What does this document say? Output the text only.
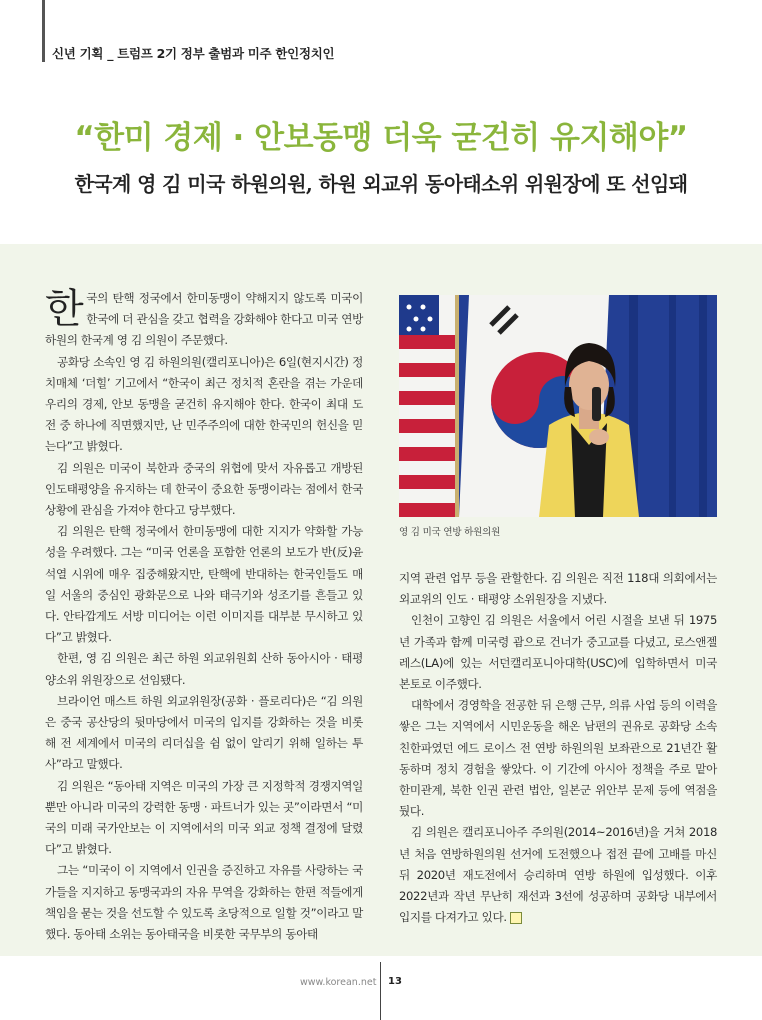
신년 기획 _ 트럼프 2기 정부 출범과 미주 한인정치인
“한미 경제 · 안보동맹 더욱 굳건히 유지해야”
한국계 영 김 미국 하원의원, 하원 외교위 동아태소위 위원장에 또 선임돼

한국의 탄핵 정국에서 한미동맹이 약해지지 않도록 미국이 한국에 더 관심을 갖고 협력을 강화해야 한다고 미국 연방 하원의 한국계 영 김 의원이 주문했다.

공화당 소속인 영 김 하원의원(캘리포니아)은 6일(현지시간) 정치매체 ‘더힐’ 기고에서 “한국이 최근 정치적 혼란을 겪는 가운데 우리의 경제, 안보 동맹을 굳건히 유지해야 한다. 한국이 최대 도전 중 하나에 직면했지만, 난 민주주의에 대한 한국민의 헌신을 믿는다”고 밝혔다.

김 의원은 미국이 북한과 중국의 위협에 맞서 자유롭고 개방된 인도태평양을 유지하는 데 한국이 중요한 동맹이라는 점에서 한국 상황에 관심을 가져야 한다고 당부했다.

김 의원은 탄핵 정국에서 한미동맹에 대한 지지가 약화할 가능성을 우려했다. 그는 “미국 언론을 포함한 언론의 보도가 반(反)윤석열 시위에 매우 집중해왔지만, 탄핵에 반대하는 한국인들도 매일 서울의 중심인 광화문으로 나와 태극기와 성조기를 흔들고 있다. 안타깝게도 서방 미디어는 이런 이미지를 대부분 무시하고 있다”고 밝혔다.

한편, 영 김 의원은 최근 하원 외교위원회 산하 동아시아 · 태평양소위 위원장으로 선임됐다.

브라이언 매스트 하원 외교위원장(공화 · 플로리다)은 “김 의원은 중국 공산당의 뒷마당에서 미국의 입지를 강화하는 것을 비롯해 전 세계에서 미국의 리더십을 쉼 없이 알리기 위해 일하는 투사”라고 말했다.

김 의원은 “동아태 지역은 미국의 가장 큰 지정학적 경쟁지역일 뿐만 아니라 미국의 강력한 동맹 · 파트너가 있는 곳”이라면서 “미국의 미래 국가안보는 이 지역에서의 미국 외교 정책 결정에 달렸다”고 밝혔다.

그는 “미국이 이 지역에서 인권을 증진하고 자유를 사랑하는 국가들을 지지하고 동맹국과의 자유 무역을 강화하는 한편 적들에게 책임을 묻는 것을 선도할 수 있도록 초당적으로 일할 것”이라고 말했다. 동아태 소위는 동아태국을 비롯한 국무부의 동아태

영 김 미국 연방 하원의원

지역 관련 업무 등을 관할한다. 김 의원은 직전 118대 의회에서는 외교위의 인도 · 태평양 소위원장을 지냈다.

인천이 고향인 김 의원은 서울에서 어린 시절을 보낸 뒤 1975년 가족과 함께 미국령 괌으로 건너가 중고교를 다녔고, 로스앤젤레스(LA)에 있는 서던캘리포니아대학(USC)에 입학하면서 미국 본토로 이주했다.

대학에서 경영학을 전공한 뒤 은행 근무, 의류 사업 등의 이력을 쌓은 그는 지역에서 시민운동을 해온 남편의 권유로 공화당 소속 친한파였던 에드 로이스 전 연방 하원의원 보좌관으로 21년간 활동하며 정치 경험을 쌓았다. 이 기간에 아시아 정책을 주로 맡아 한미관계, 북한 인권 관련 법안, 일본군 위안부 문제 등에 역점을 뒀다.

김 의원은 캘리포니아주 주의원(2014~2016년)을 거쳐 2018년 처음 연방하원의원 선거에 도전했으나 접전 끝에 고배를 마신 뒤 2020년 재도전에서 승리하며 연방 하원에 입성했다. 이후 2022년과 작년 무난히 재선과 3선에 성공하며 공화당 내부에서 입지를 다져가고 있다.

www.korean.net 13
